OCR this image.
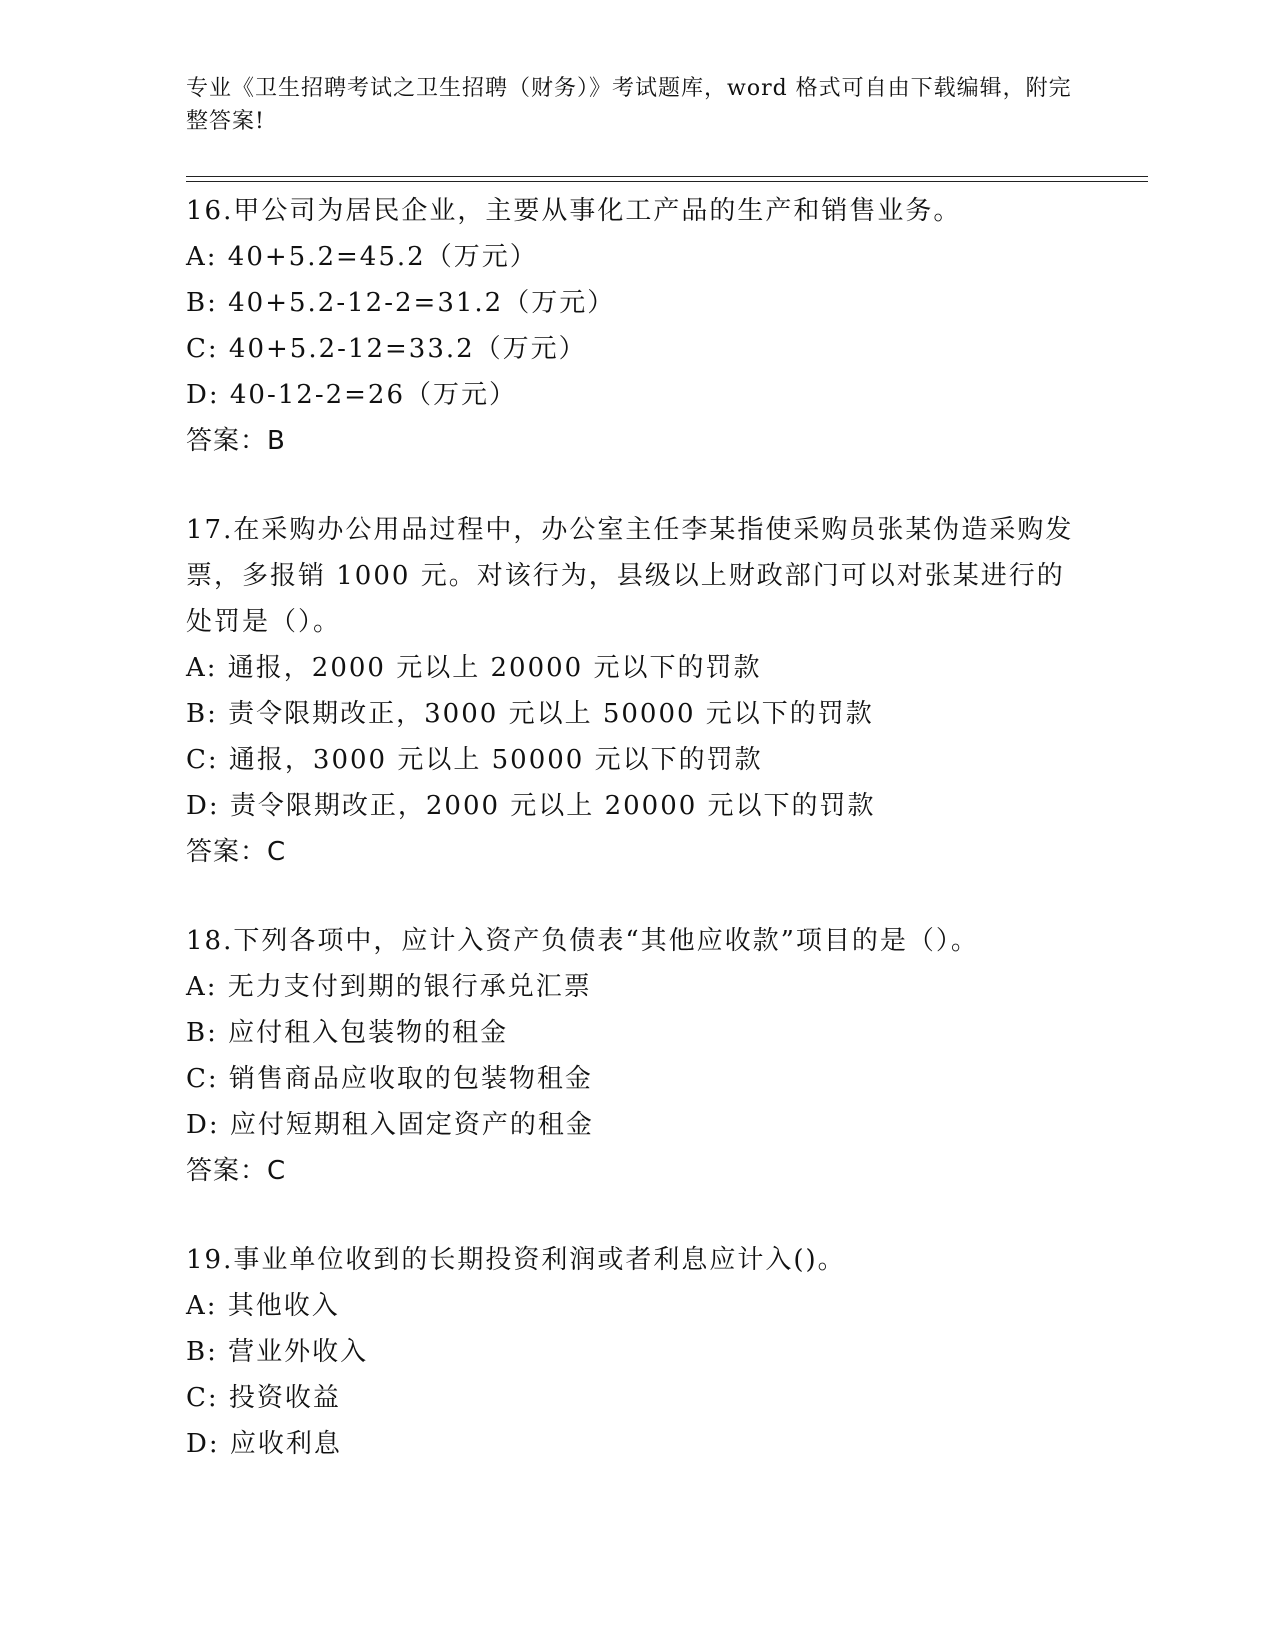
专业《卫生招聘考试之卫生招聘（财务）》考试题库，word 格式可自由下载编辑，附完整答案!
16.甲公司为居民企业，主要从事化工产品的生产和销售业务。
A: 40+5.2=45.2（万元）
B: 40+5.2-12-2=31.2（万元）
C: 40+5.2-12=33.2（万元）
D: 40-12-2=26（万元）
答案：B
17.在采购办公用品过程中，办公室主任李某指使采购员张某伪造采购发票，多报销 1000 元。对该行为，县级以上财政部门可以对张某进行的处罚是（）。
A: 通报，2000 元以上 20000 元以下的罚款
B: 责令限期改正，3000 元以上 50000 元以下的罚款
C: 通报，3000 元以上 50000 元以下的罚款
D: 责令限期改正，2000 元以上 20000 元以下的罚款
答案：C
18.下列各项中，应计入资产负债表“其他应收款”项目的是（）。
A: 无力支付到期的银行承兑汇票
B: 应付租入包装物的租金
C: 销售商品应收取的包装物租金
D: 应付短期租入固定资产的租金
答案：C
19.事业单位收到的长期投资利润或者利息应计入()。
A: 其他收入
B: 营业外收入
C: 投资收益
D: 应收利息
